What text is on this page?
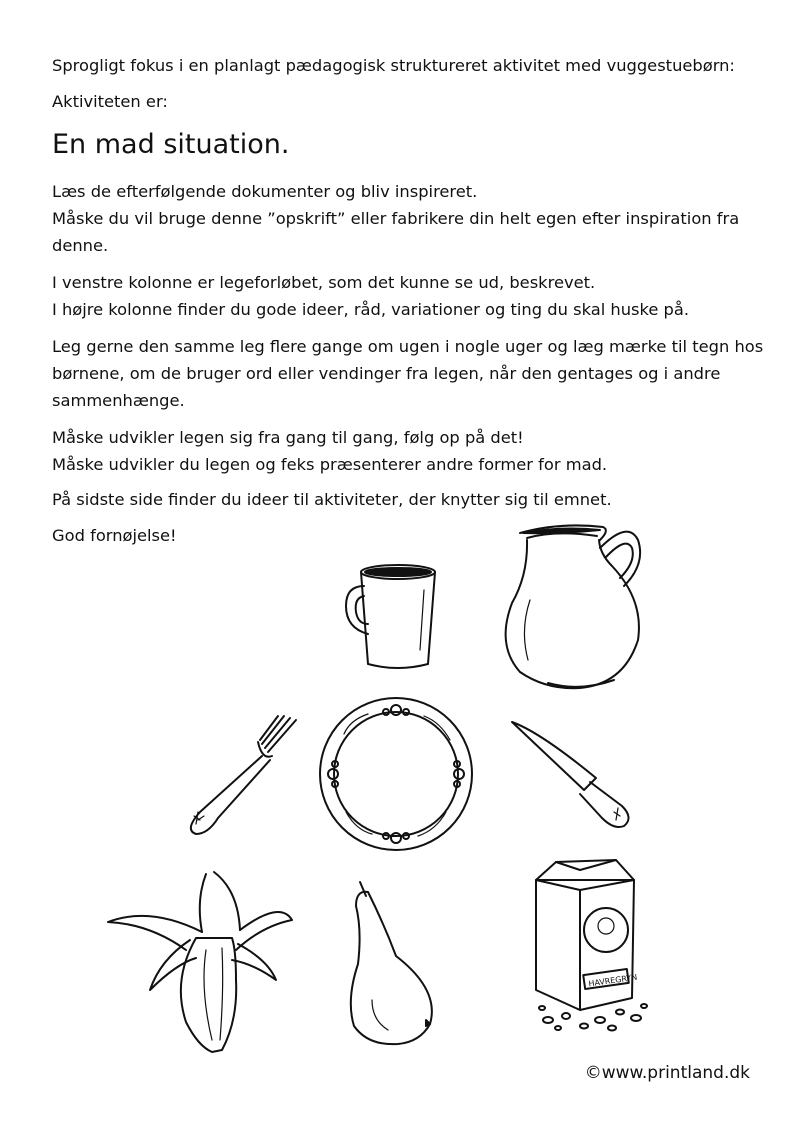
Sprogligt fokus i en planlagt pædagogisk struktureret aktivitet med vuggestuebørn:

Aktiviteten er:

En mad situation.

Læs de efterfølgende dokumenter og bliv inspireret.

Måske du vil bruge denne ”opskrift” eller fabrikere din helt egen efter inspiration fra

denne.

I venstre kolonne er legeforløbet, som det kunne se ud, beskrevet.

I højre kolonne finder du gode ideer, råd, variationer og ting du skal huske på.

Leg gerne den samme leg flere gange om ugen i nogle uger og læg mærke til tegn hos

børnene, om de bruger ord eller vendinger fra legen, når den gentages og i andre

sammenhænge.

Måske udvikler legen sig fra gang til gang, følg op på det!

Måske udvikler du legen og feks præsenterer andre former for mad.

På sidste side finder du ideer til aktiviteter, der knytter sig til emnet.

God fornøjelse!

HAVREGRYN
©www.printland.dk
